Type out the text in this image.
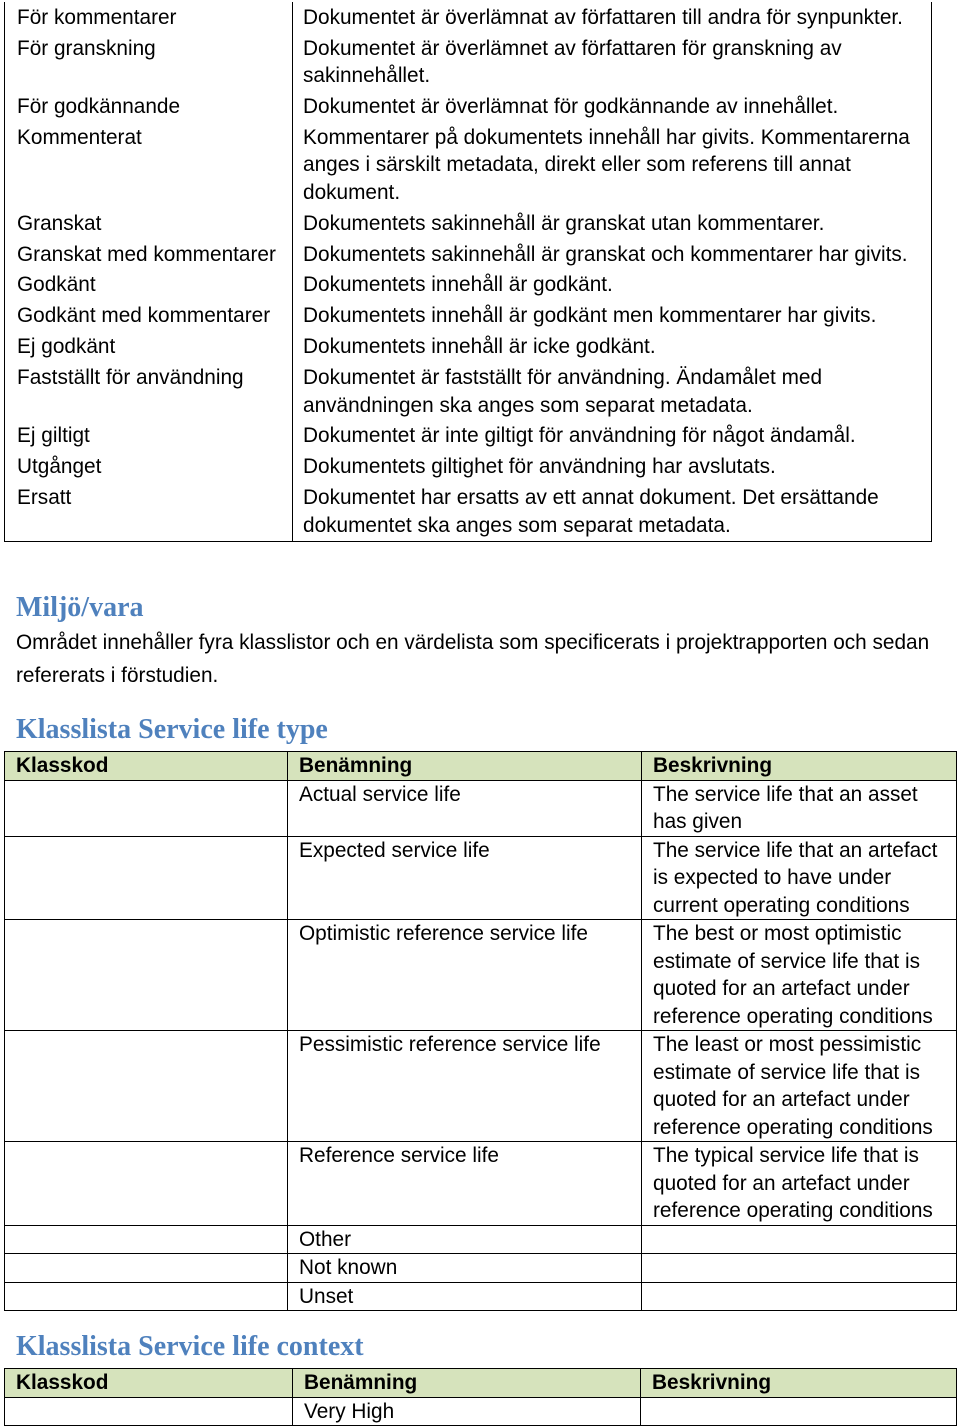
För kommentarer	Dokumentet är överlämnat av författaren till andra för synpunkter.
För granskning	Dokumentet är överlämnet av författaren för granskning av sakinnehållet.
För godkännande	Dokumentet är överlämnat för godkännande av innehållet.
Kommenterat	Kommentarer på dokumentets innehåll har givits. Kommentarerna anges i särskilt metadata, direkt eller som referens till annat dokument.
Granskat	Dokumentets sakinnehåll är granskat utan kommentarer.
Granskat med kommentarer	Dokumentets sakinnehåll är granskat och kommentarer har givits.
Godkänt	Dokumentets innehåll är godkänt.
Godkänt med kommentarer	Dokumentets innehåll är godkänt men kommentarer har givits.
Ej godkänt	Dokumentets innehåll är icke godkänt.
Fastställt för användning	Dokumentet är fastställt för användning. Ändamålet med användningen ska anges som separat metadata.
Ej giltigt	Dokumentet är inte giltigt för användning för något ändamål.
Utgånget	Dokumentets giltighet för användning har avslutats.
Ersatt	Dokumentet har ersatts av ett annat dokument. Det ersättande dokumentet ska anges som separat metadata.
Miljö/vara

Området innehåller fyra klasslistor och en värdelista som specificerats i projektrapporten och sedan refererats i förstudien.

Klasslista Service life type
Klasskod	Benämning	Beskrivning
	Actual service life	The service life that an asset has given
	Expected service life	The service life that an artefact is expected to have under current operating conditions
	Optimistic reference service life	The best or most optimistic estimate of service life that is quoted for an artefact under reference operating conditions
	Pessimistic reference service life	The least or most pessimistic estimate of service life that is quoted for an artefact under reference operating conditions
	Reference service life	The typical service life that is quoted for an artefact under reference operating conditions
	Other	
	Not known	
	Unset	
Klasslista Service life context
Klasskod	Benämning	Beskrivning
	Very High	
